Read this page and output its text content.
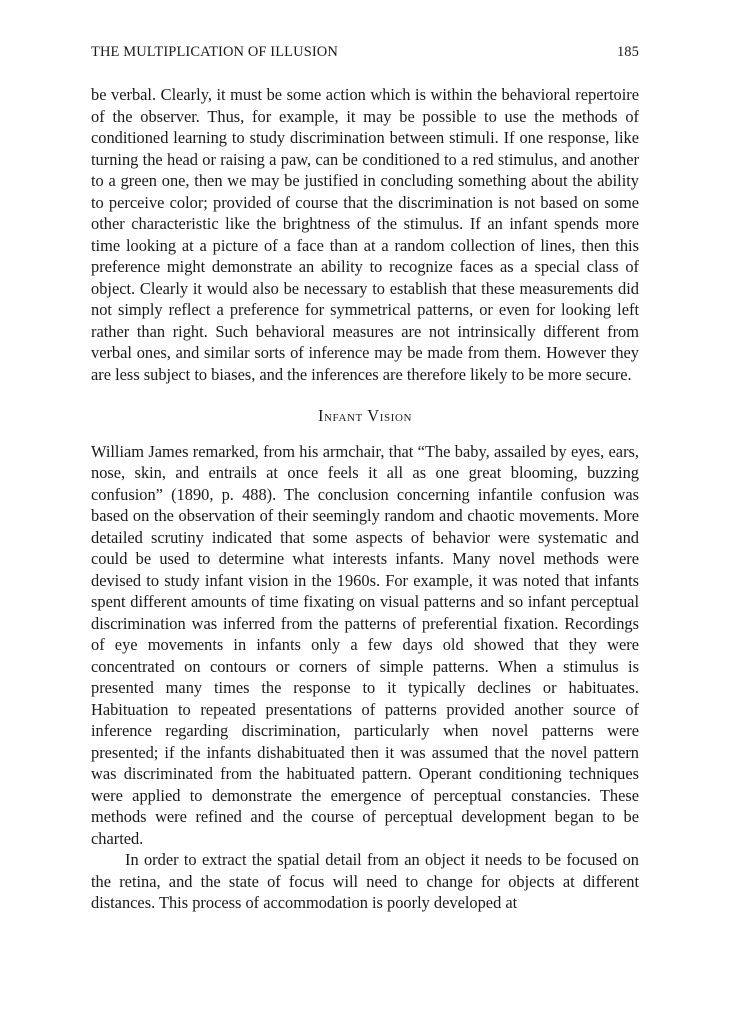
THE MULTIPLICATION OF ILLUSION	185

be verbal. Clearly, it must be some action which is within the behavioral repertoire of the observer. Thus, for example, it may be possible to use the methods of conditioned learning to study discrimination between stimuli. If one response, like turning the head or raising a paw, can be conditioned to a red stimulus, and another to a green one, then we may be justified in concluding something about the ability to perceive color; provided of course that the discrimination is not based on some other characteristic like the brightness of the stimulus. If an infant spends more time looking at a picture of a face than at a random collection of lines, then this preference might demonstrate an ability to recognize faces as a special class of object. Clearly it would also be necessary to establish that these measurements did not simply reflect a preference for symmetrical patterns, or even for looking left rather than right. Such behavioral measures are not intrinsically different from verbal ones, and similar sorts of inference may be made from them. However they are less subject to biases, and the inferences are therefore likely to be more secure.

Infant Vision

William James remarked, from his armchair, that “The baby, assailed by eyes, ears, nose, skin, and entrails at once feels it all as one great blooming, buzzing confusion” (1890, p. 488). The conclusion concerning infantile confusion was based on the observation of their seemingly random and chaotic movements. More detailed scrutiny indicated that some aspects of behavior were systematic and could be used to determine what interests infants. Many novel methods were devised to study infant vision in the 1960s. For example, it was noted that infants spent different amounts of time fixating on visual patterns and so infant perceptual discrimination was inferred from the patterns of preferential fixation. Recordings of eye movements in infants only a few days old showed that they were concentrated on contours or corners of simple patterns. When a stimulus is presented many times the response to it typically declines or habituates. Habituation to repeated presentations of patterns provided another source of inference regarding discrimination, particularly when novel patterns were presented; if the infants dishabituated then it was assumed that the novel pattern was discriminated from the habituated pattern. Operant conditioning techniques were applied to demonstrate the emergence of perceptual constancies. These methods were refined and the course of perceptual development began to be charted.

In order to extract the spatial detail from an object it needs to be focused on the retina, and the state of focus will need to change for objects at different distances. This process of accommodation is poorly developed at
